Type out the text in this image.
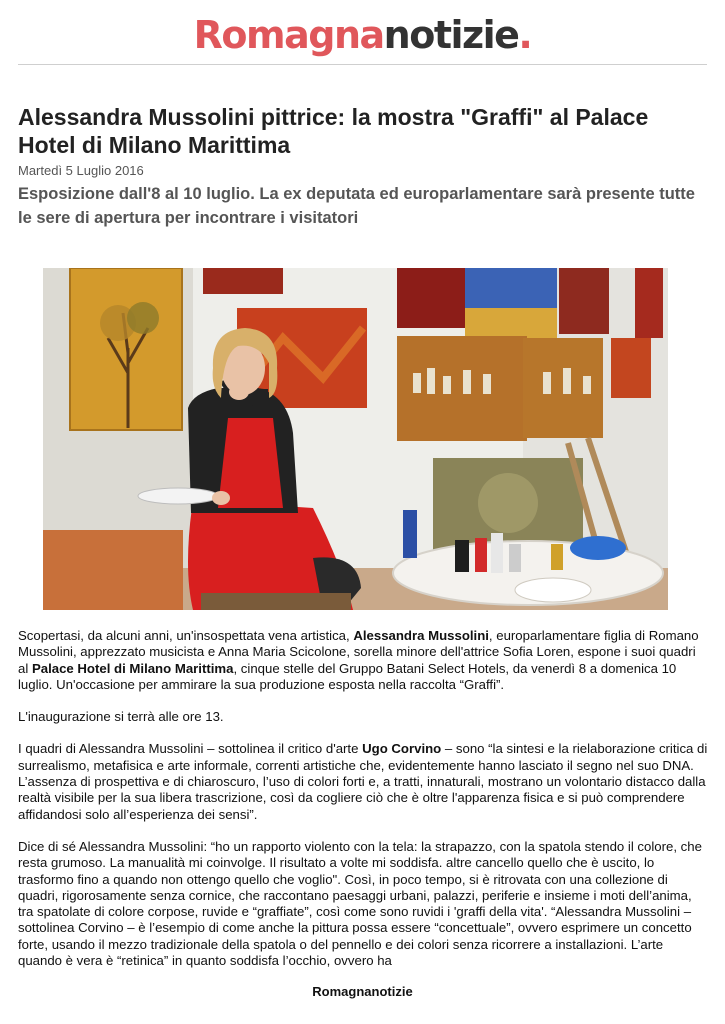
Romagnanotizie.
Alessandra Mussolini pittrice: la mostra "Graffi" al Palace Hotel di Milano Marittima
Martedì 5 Luglio 2016
Esposizione dall'8 al 10 luglio. La ex deputata ed europarlamentare sarà presente tutte le sere di apertura per incontrare i visitatori

Scopertasi, da alcuni anni, un'insospettata vena artistica, Alessandra Mussolini, europarlamentare figlia di Romano Mussolini, apprezzato musicista e Anna Maria Scicolone, sorella minore dell'attrice Sofia Loren, espone i suoi quadri al Palace Hotel di Milano Marittima, cinque stelle del Gruppo Batani Select Hotels, da venerdì 8 a domenica 10 luglio. Un'occasione per ammirare la sua produzione esposta nella raccolta “Graffi”.

L'inaugurazione si terrà alle ore 13.

I quadri di Alessandra Mussolini – sottolinea il critico d'arte Ugo Corvino – sono “la sintesi e la rielaborazione critica di surrealismo, metafisica e arte informale, correnti artistiche che, evidentemente hanno lasciato il segno nel suo DNA. L’assenza di prospettiva e di chiaroscuro, l’uso di colori forti e, a tratti, innaturali, mostrano un volontario distacco dalla realtà visibile per la sua libera trascrizione, così da cogliere ciò che è oltre l'apparenza fisica e si può comprendere affidandosi solo all’esperienza dei sensi”.

Dice di sé Alessandra Mussolini: “ho un rapporto violento con la tela: la strapazzo, con la spatola stendo il colore, che resta grumoso. La manualità mi coinvolge. Il risultato a volte mi soddisfa. altre cancello quello che è uscito, lo trasformo fino a quando non ottengo quello che voglio". Così, in poco tempo, si è ritrovata con una collezione di quadri, rigorosamente senza cornice, che raccontano paesaggi urbani, palazzi, periferie e insieme i moti dell’anima, tra spatolate di colore corpose, ruvide e “graffiate”, così come sono ruvidi i 'graffi della vita'. “Alessandra Mussolini – sottolinea Corvino – è l’esempio di come anche la pittura possa essere “concettuale”, ovvero esprimere un concetto forte, usando il mezzo tradizionale della spatola o del pennello e dei colori senza ricorrere a installazioni. L’arte quando è vera è “retinica” in quanto soddisfa l’occhio, ovvero ha

Romagnanotizie
